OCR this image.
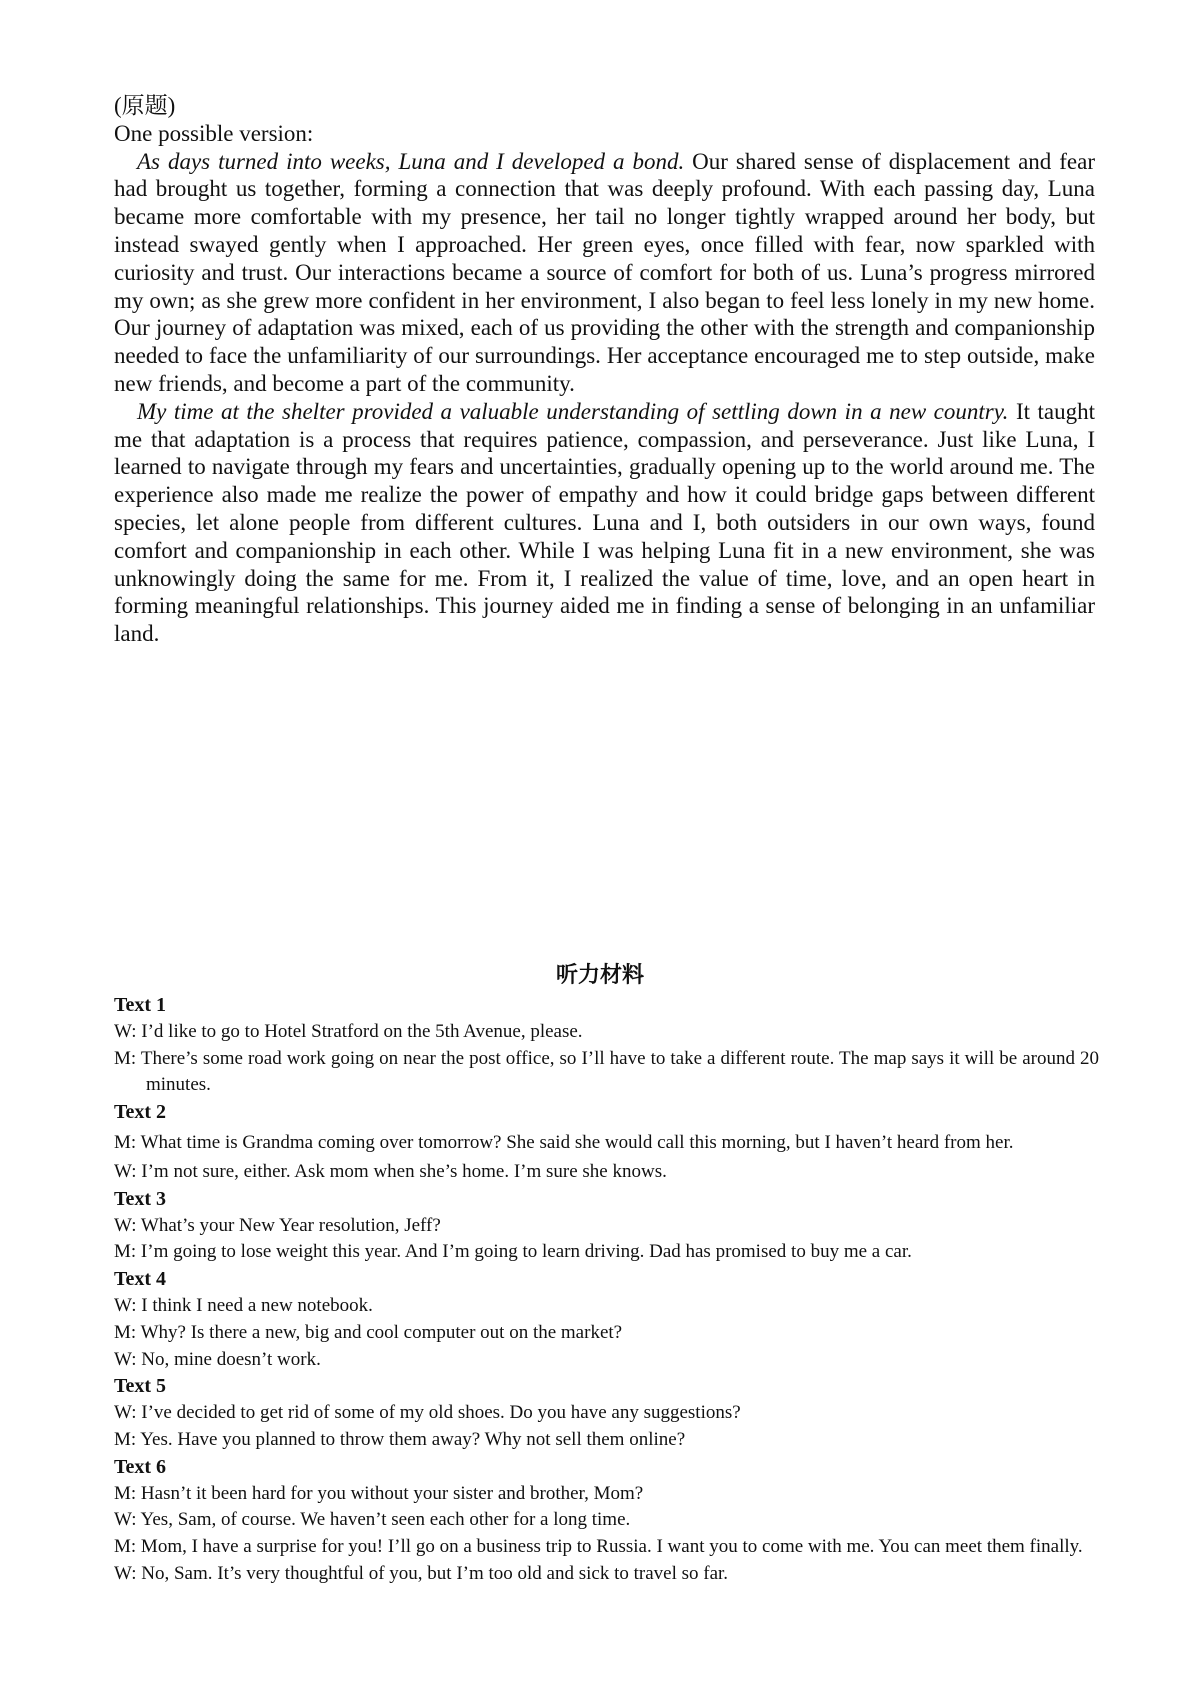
(原题)
One possible version:

As days turned into weeks, Luna and I developed a bond. Our shared sense of displacement and fear had brought us together, forming a connection that was deeply profound. With each passing day, Luna became more comfortable with my presence, her tail no longer tightly wrapped around her body, but instead swayed gently when I approached. Her green eyes, once filled with fear, now sparkled with curiosity and trust. Our interactions became a source of comfort for both of us. Luna’s progress mirrored my own; as she grew more confident in her environment, I also began to feel less lonely in my new home. Our journey of adaptation was mixed, each of us providing the other with the strength and companionship needed to face the unfamiliarity of our surroundings. Her acceptance encouraged me to step outside, make new friends, and become a part of the community.

My time at the shelter provided a valuable understanding of settling down in a new country. It taught me that adaptation is a process that requires patience, compassion, and perseverance. Just like Luna, I learned to navigate through my fears and uncertainties, gradually opening up to the world around me. The experience also made me realize the power of empathy and how it could bridge gaps between different species, let alone people from different cultures. Luna and I, both outsiders in our own ways, found comfort and companionship in each other. While I was helping Luna fit in a new environment, she was unknowingly doing the same for me. From it, I realized the value of time, love, and an open heart in forming meaningful relationships. This journey aided me in finding a sense of belonging in an unfamiliar land.

听力材料
Text 1
W: I’d like to go to Hotel Stratford on the 5th Avenue, please.
M: There’s some road work going on near the post office, so I’ll have to take a different route. The map says it will be around 20 minutes.
Text 2
M: What time is Grandma coming over tomorrow? She said she would call this morning, but I haven’t heard from her.
W: I’m not sure, either. Ask mom when she’s home. I’m sure she knows.
Text 3
W: What’s your New Year resolution, Jeff?
M: I’m going to lose weight this year. And I’m going to learn driving. Dad has promised to buy me a car.
Text 4
W: I think I need a new notebook.
M: Why? Is there a new, big and cool computer out on the market?
W: No, mine doesn’t work.
Text 5
W: I’ve decided to get rid of some of my old shoes. Do you have any suggestions?
M: Yes. Have you planned to throw them away? Why not sell them online?
Text 6
M: Hasn’t it been hard for you without your sister and brother, Mom?
W: Yes, Sam, of course. We haven’t seen each other for a long time.
M: Mom, I have a surprise for you! I’ll go on a business trip to Russia. I want you to come with me. You can meet them finally.
W: No, Sam. It’s very thoughtful of you, but I’m too old and sick to travel so far.
